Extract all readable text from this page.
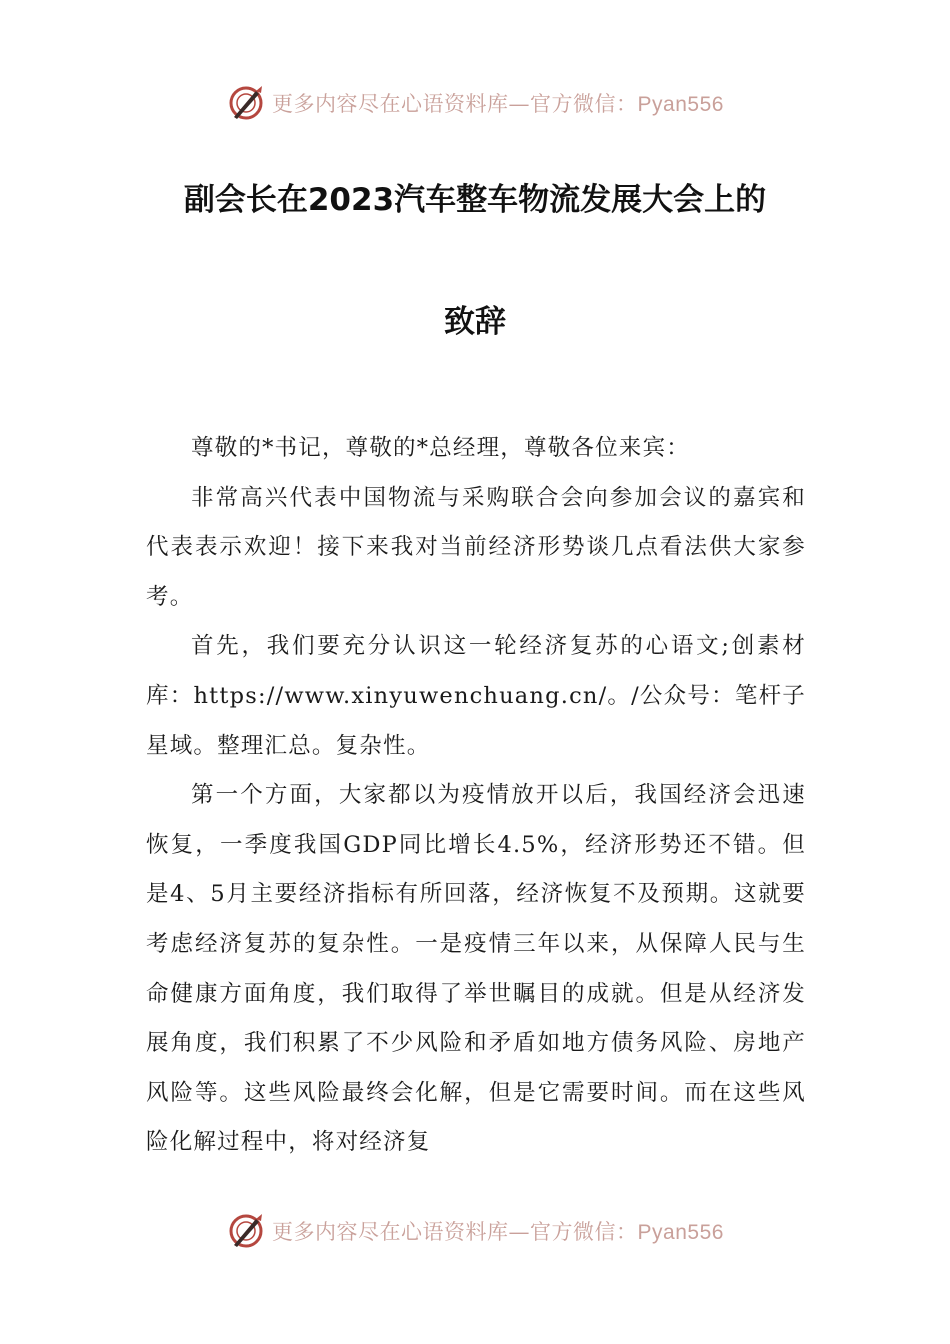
更多内容尽在心语资料库—官方微信：Pyan556
副会长在2023汽车整车物流发展大会上的
致辞

尊敬的*书记，尊敬的*总经理，尊敬各位来宾：

非常高兴代表中国物流与采购联合会向参加会议的嘉宾和代表表示欢迎！接下来我对当前经济形势谈几点看法供大家参考。

首先，我们要充分认识这一轮经济复苏的心语文;创素材库：https://www.xinyuwenchuang.cn/。/公众号：笔杆子星域。整理汇总。复杂性。

第一个方面，大家都以为疫情放开以后，我国经济会迅速恢复，一季度我国GDP同比增长4.5%，经济形势还不错。但是4、5月主要经济指标有所回落，经济恢复不及预期。这就要考虑经济复苏的复杂性。一是疫情三年以来，从保障人民与生命健康方面角度，我们取得了举世瞩目的成就。但是从经济发展角度，我们积累了不少风险和矛盾如地方债务风险、房地产风险等。这些风险最终会化解，但是它需要时间。而在这些风险化解过程中，将对经济复

更多内容尽在心语资料库—官方微信：Pyan556
